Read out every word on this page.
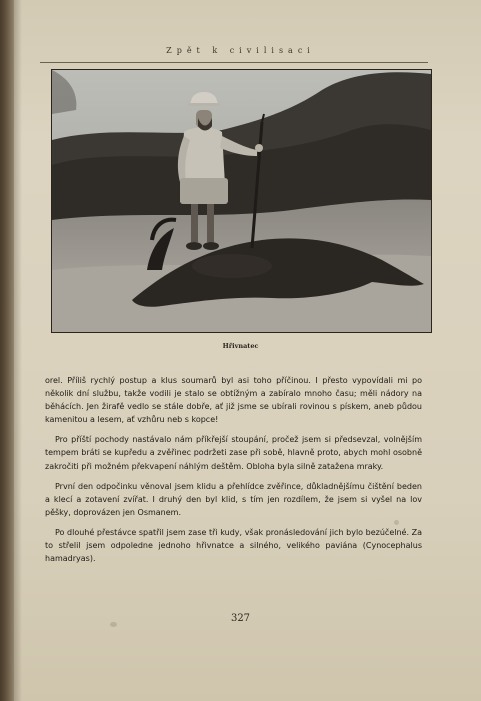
Zpět k civilisaci
Hřivnatec

orel. Příliš rychlý postup a klus soumarů byl asi toho příčinou. I přesto vypovídali mi po několik dní službu, takže vodili je stalo se obtížným a zabíralo mnoho času; měli nádory na běhácích. Jen žirafě vedlo se stále dobře, ať již jsme se ubírali rovinou s pískem, aneb půdou kamenitou a lesem, ať vzhůru neb s kopce!

Pro příští pochody nastávalo nám příkřejší stoupání, pročež jsem si předsevzal, volnějším tempem bráti se kupředu a zvěřinec podržeti zase při sobě, hlavně proto, abych mohl osobně zakročiti při možném překvapení náhlým deštěm. Obloha byla silně zatažena mraky.

První den odpočinku věnoval jsem klidu a přehlídce zvěřince, důkladnějšímu čištění beden a klecí a zotavení zvířat. I druhý den byl klid, s tím jen rozdílem, že jsem si vyšel na lov pěšky, doprovázen jen Osmanem.

Po dlouhé přestávce spatřil jsem zase tři kudy, však pronásledování jich bylo bezúčelné. Za to střelil jsem odpoledne jednoho hřivnatce a silného, velikého paviána (Cynocephalus hamadryas).

327
